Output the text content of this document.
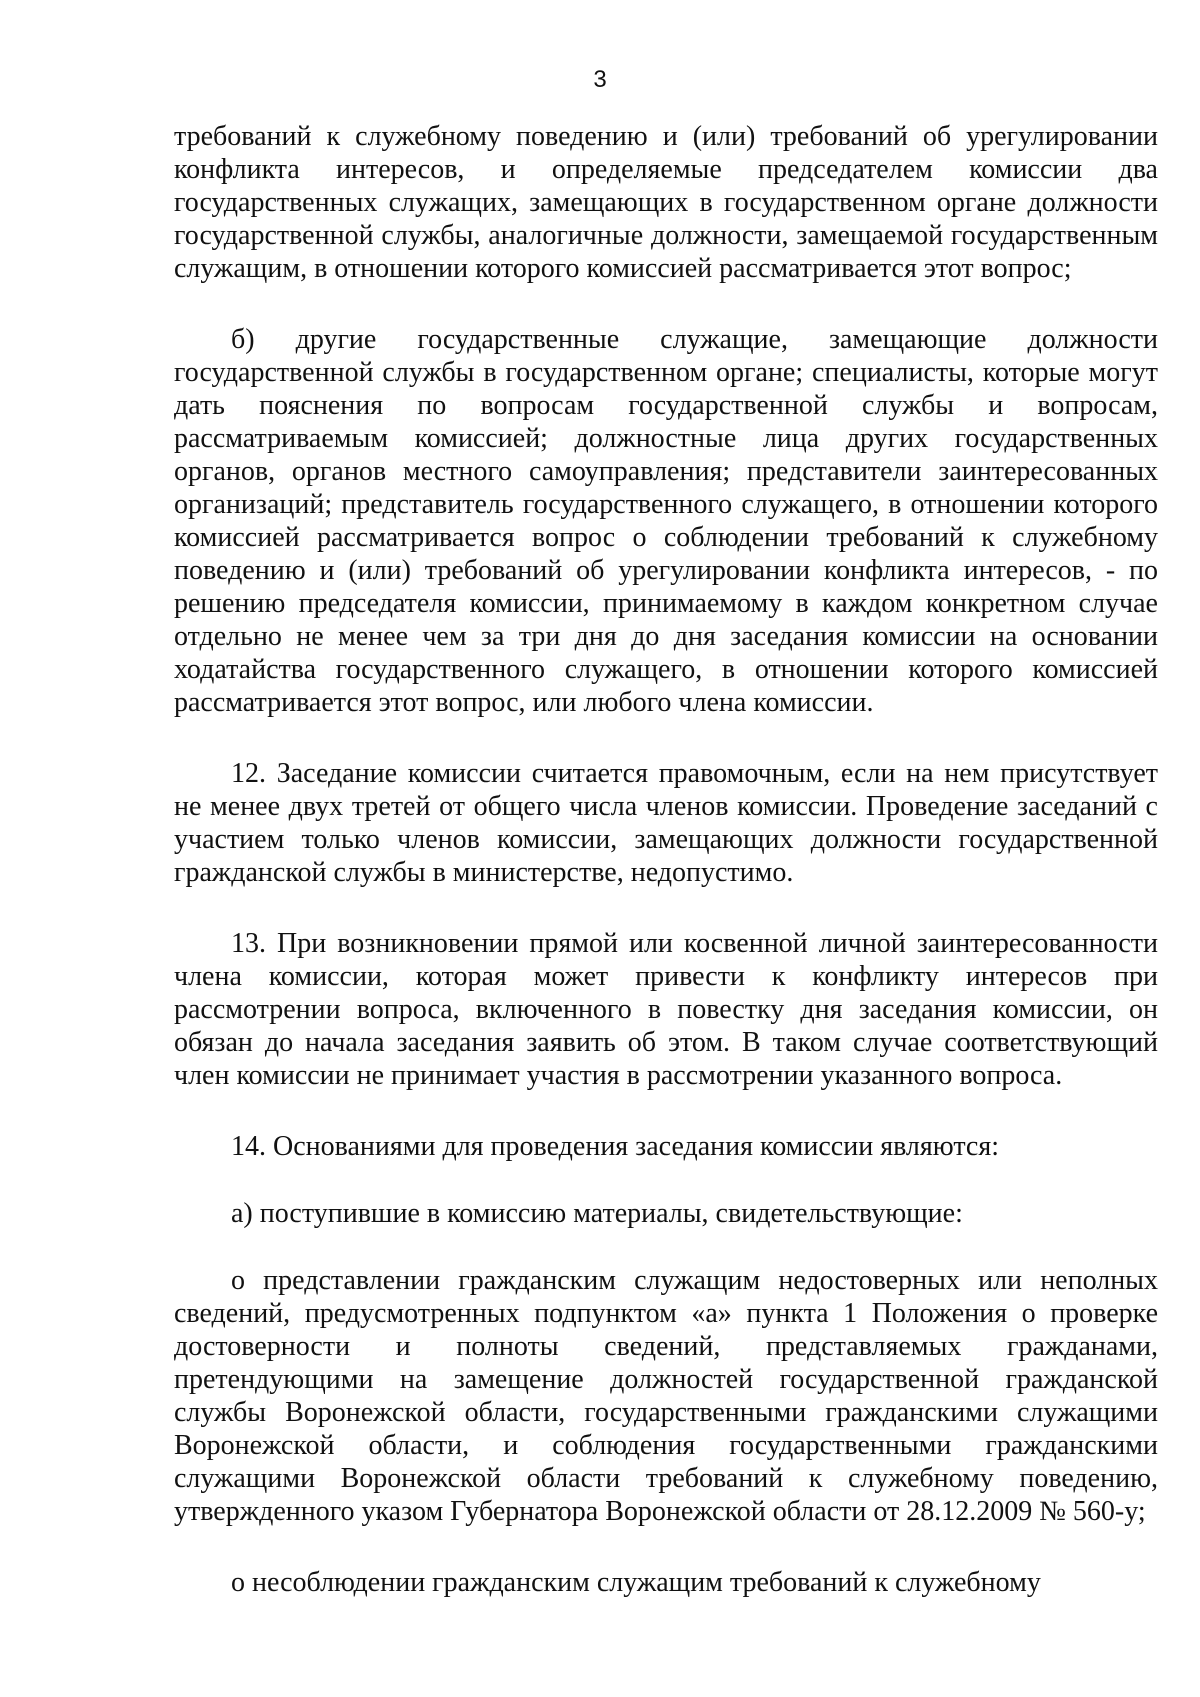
3

требований к служебному поведению и (или) требований об урегулировании конфликта интересов, и определяемые председателем комиссии два государственных служащих, замещающих в государственном органе должности государственной службы, аналогичные должности, замещаемой государственным служащим, в отношении которого комиссией рассматривается этот вопрос;

б) другие государственные служащие, замещающие должности государственной службы в государственном органе; специалисты, которые могут дать пояснения по вопросам государственной службы и вопросам, рассматриваемым комиссией; должностные лица других государственных органов, органов местного самоуправления; представители заинтересованных организаций; представитель государственного служащего, в отношении которого комиссией рассматривается вопрос о соблюдении требований к служебному поведению и (или) требований об урегулировании конфликта интересов, - по решению председателя комиссии, принимаемому в каждом конкретном случае отдельно не менее чем за три дня до дня заседания комиссии на основании ходатайства государственного служащего, в отношении которого комиссией рассматривается этот вопрос, или любого члена комиссии.

12. Заседание комиссии считается правомочным, если на нем присутствует не менее двух третей от общего числа членов комиссии. Проведение заседаний с участием только членов комиссии, замещающих должности государственной гражданской службы в министерстве, недопустимо.

13. При возникновении прямой или косвенной личной заинтересованности члена комиссии, которая может привести к конфликту интересов при рассмотрении вопроса, включенного в повестку дня заседания комиссии, он обязан до начала заседания заявить об этом. В таком случае соответствующий член комиссии не принимает участия в рассмотрении указанного вопроса.

14. Основаниями для проведения заседания комиссии являются:

а) поступившие в комиссию материалы, свидетельствующие:

о представлении гражданским служащим недостоверных или неполных сведений, предусмотренных подпунктом «а» пункта 1 Положения о проверке достоверности и полноты сведений, представляемых гражданами, претендующими на замещение должностей государственной гражданской службы Воронежской области, государственными гражданскими служащими Воронежской области, и соблюдения государственными гражданскими служащими Воронежской области требований к служебному поведению, утвержденного указом Губернатора Воронежской области от 28.12.2009 № 560-у;

о несоблюдении гражданским служащим требований к служебному
